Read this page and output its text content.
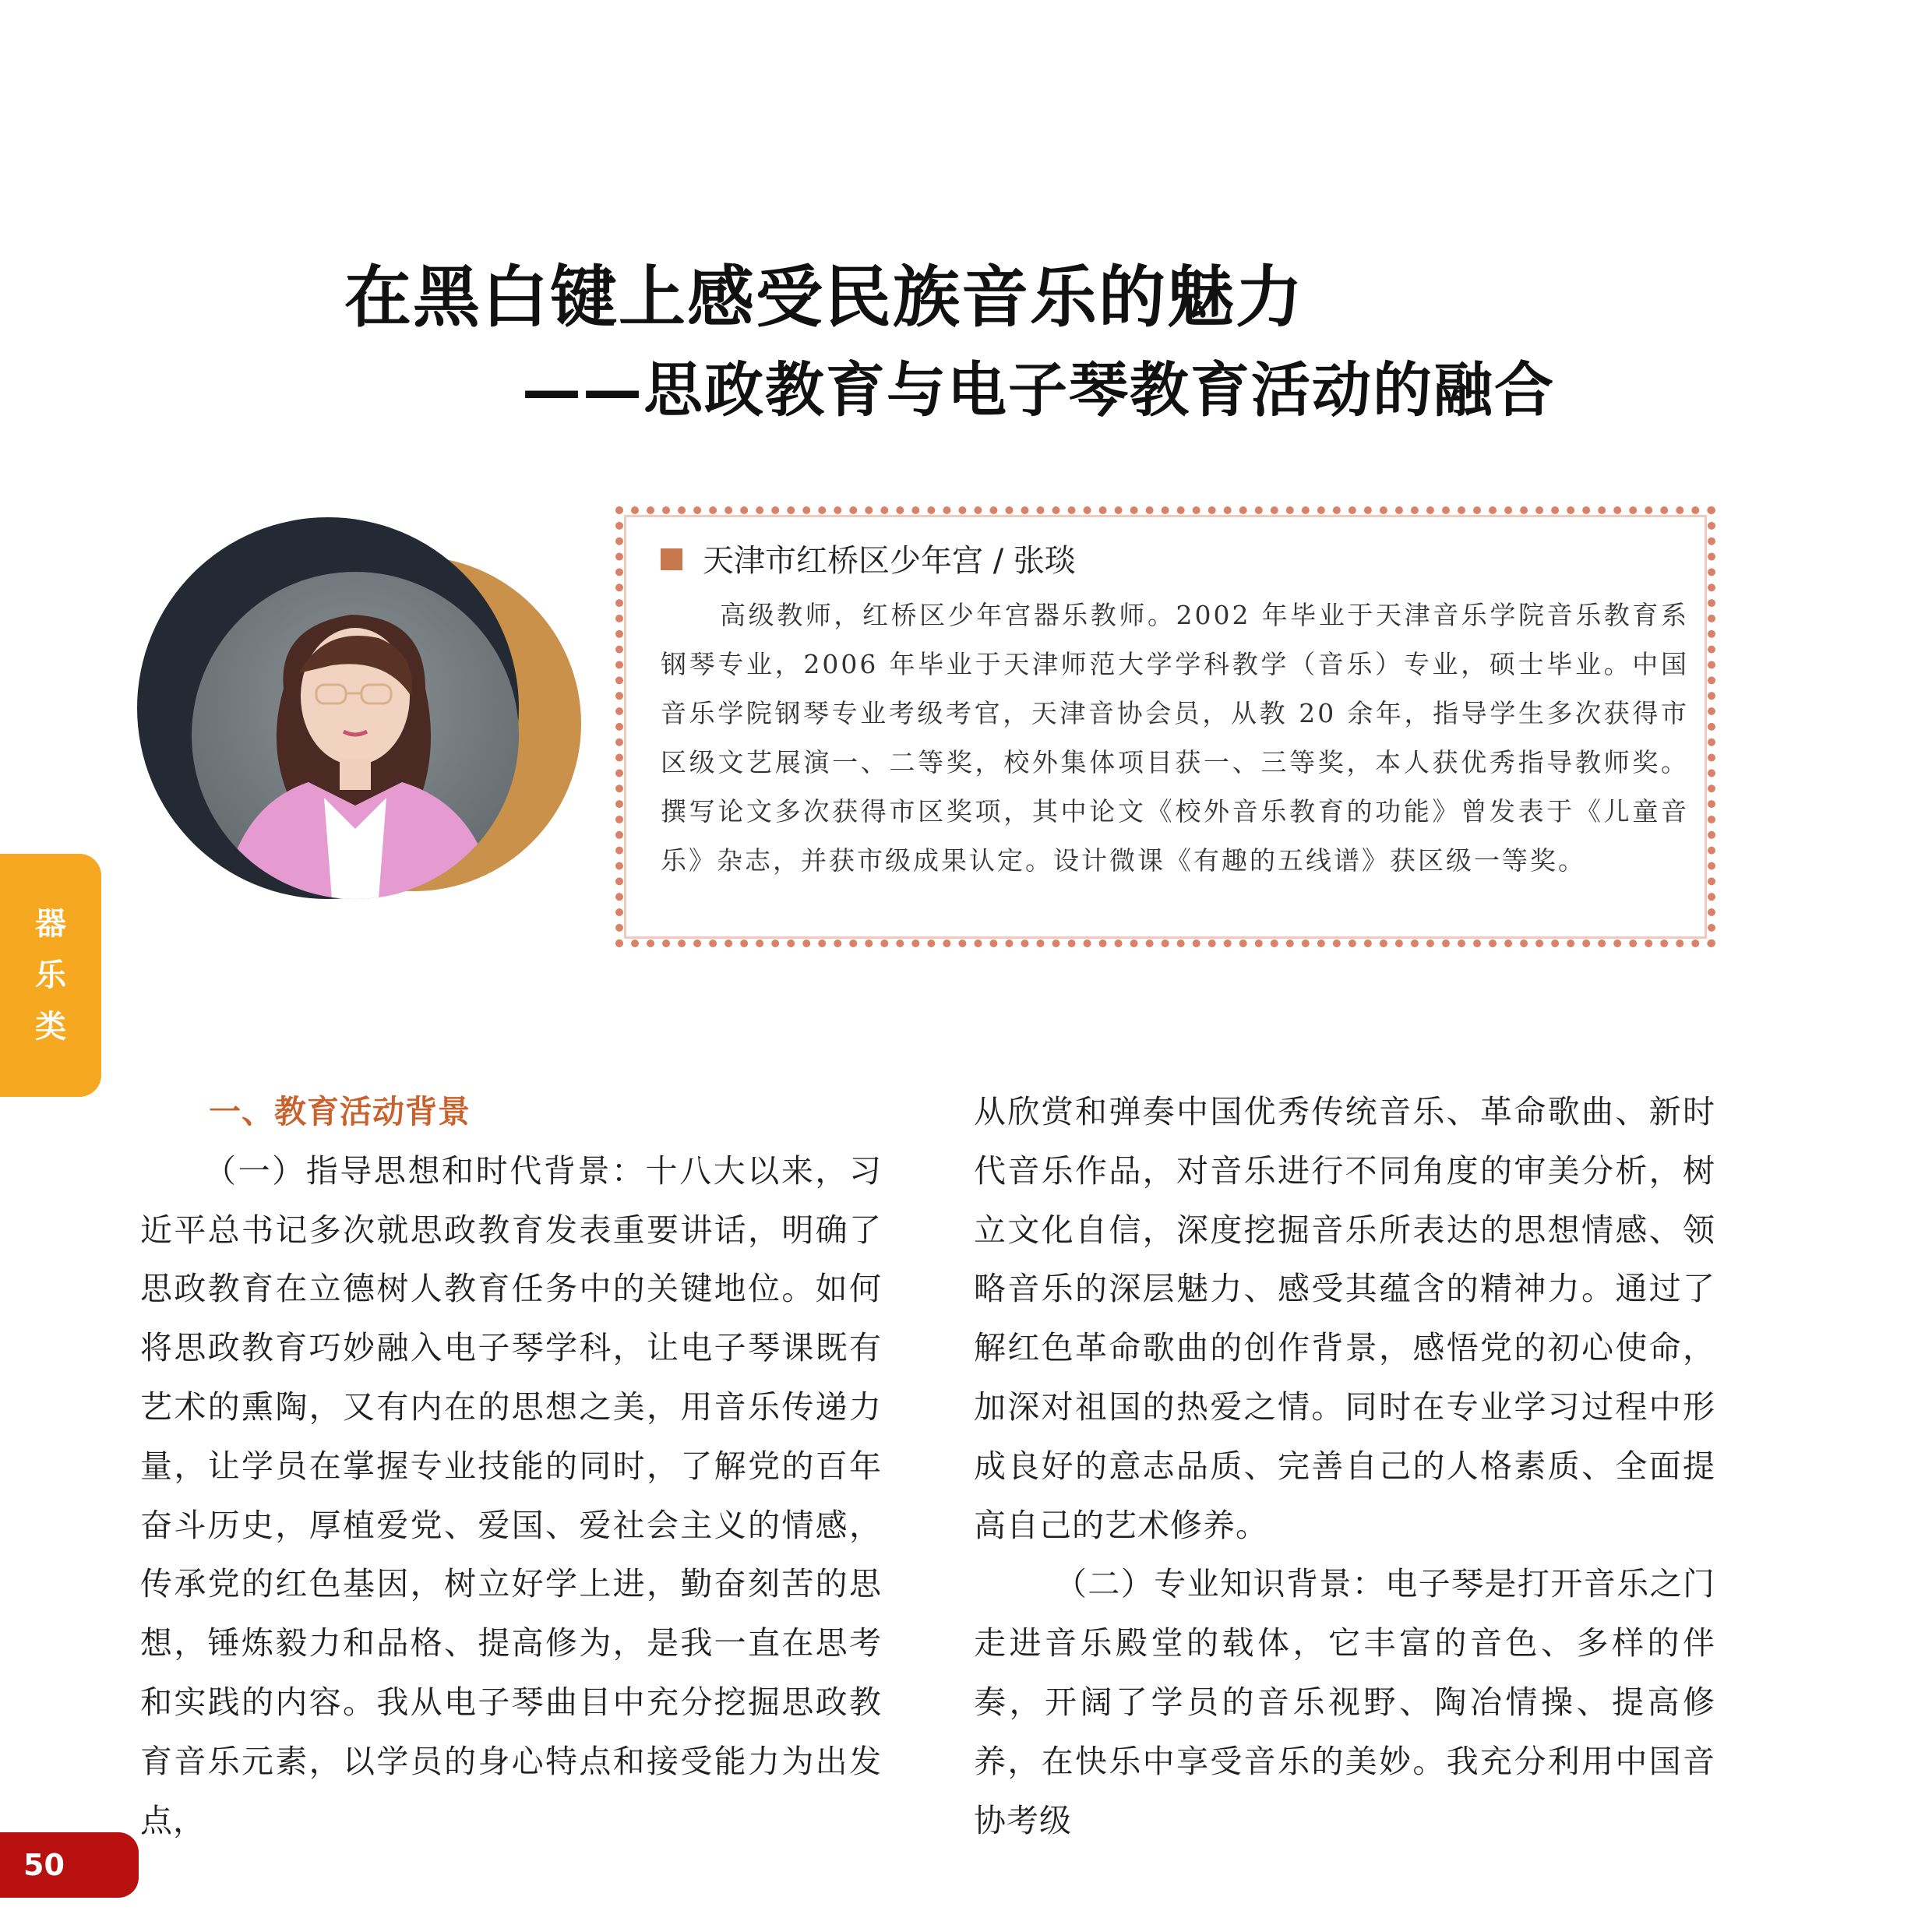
在黑白键上感受民族音乐的魅力
——思政教育与电子琴教育活动的融合
天津市红桥区少年宫 / 张琰
高级教师，红桥区少年宫器乐教师。2002 年毕业于天津音乐学院音乐教育系钢琴专业，2006 年毕业于天津师范大学学科教学（音乐）专业，硕士毕业。中国音乐学院钢琴专业考级考官，天津音协会员，从教 20 余年，指导学生多次获得市区级文艺展演一、二等奖，校外集体项目获一、三等奖，本人获优秀指导教师奖。撰写论文多次获得市区奖项，其中论文《校外音乐教育的功能》曾发表于《儿童音乐》杂志，并获市级成果认定。设计微课《有趣的五线谱》获区级一等奖。
器
乐
类
一、教育活动背景
（一）指导思想和时代背景：十八大以来，习近平总书记多次就思政教育发表重要讲话，明确了思政教育在立德树人教育任务中的关键地位。如何将思政教育巧妙融入电子琴学科，让电子琴课既有艺术的熏陶，又有内在的思想之美，用音乐传递力量，让学员在掌握专业技能的同时，了解党的百年奋斗历史，厚植爱党、爱国、爱社会主义的情感，传承党的红色基因，树立好学上进，勤奋刻苦的思想，锤炼毅力和品格、提高修为，是我一直在思考和实践的内容。我从电子琴曲目中充分挖掘思政教育音乐元素，以学员的身心特点和接受能力为出发点，
从欣赏和弹奏中国优秀传统音乐、革命歌曲、新时代音乐作品，对音乐进行不同角度的审美分析，树立文化自信，深度挖掘音乐所表达的思想情感、领略音乐的深层魅力、感受其蕴含的精神力。通过了解红色革命歌曲的创作背景，感悟党的初心使命，加深对祖国的热爱之情。同时在专业学习过程中形成良好的意志品质、完善自己的人格素质、全面提高自己的艺术修养。
（二）专业知识背景：电子琴是打开音乐之门走进音乐殿堂的载体，它丰富的音色、多样的伴奏，开阔了学员的音乐视野、陶冶情操、提高修养，在快乐中享受音乐的美妙。我充分利用中国音协考级
50
